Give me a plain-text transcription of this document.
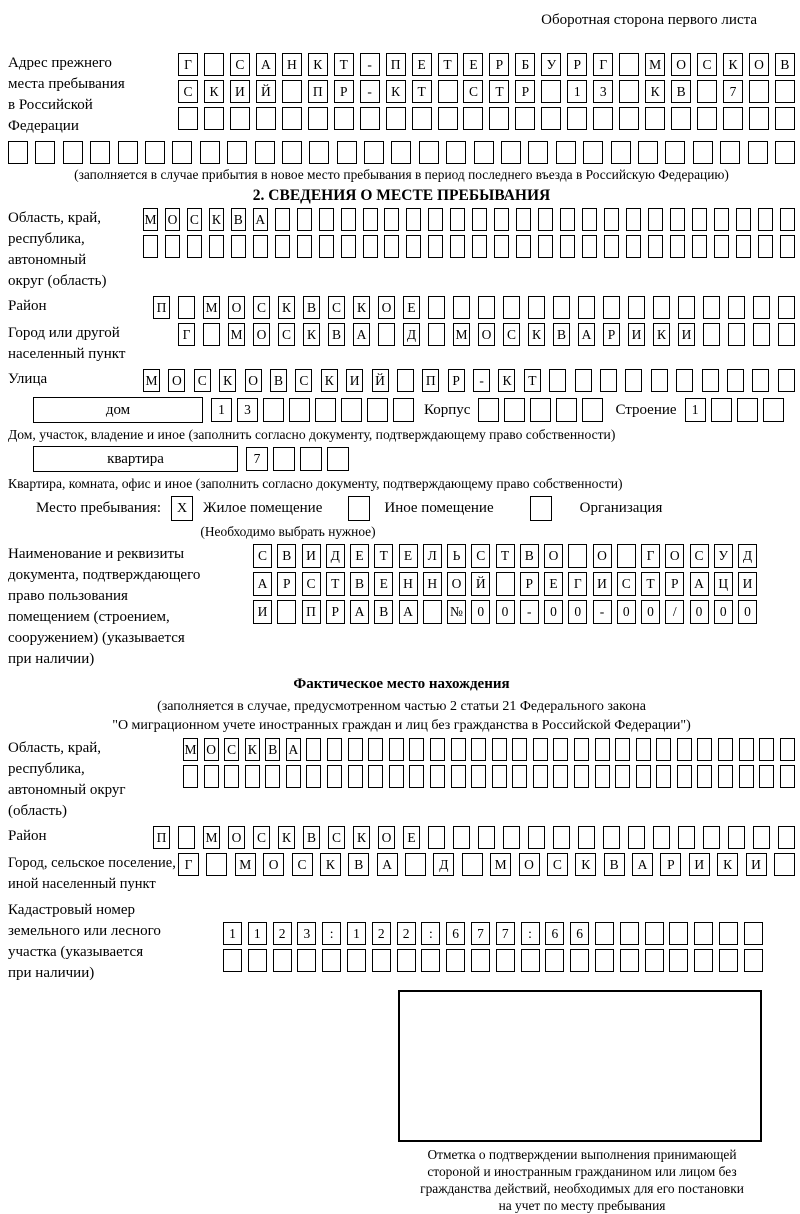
Оборотная сторона первого листа
Адрес прежнего
места пребывания
в Российской
Федерации
Г	С	А	Н	К	Т	-	П	Е	Т	Е	Р	Б	У	Р	Г	М	О	С	К	О	В
С	К	И	Й	П	Р	-	К	Т	С	Т	Р	1	3	К	В	7
(заполняется в случае прибытия в новое место пребывания в период последнего въезда в Российскую Федерацию)
2. СВЕДЕНИЯ О МЕСТЕ ПРЕБЫВАНИЯ
Область, край,
республика,
автономный
округ (область)
М О С К В А
Район	П	М О С К В С К О	Е
Город или другой
населенный пункт
Г	М О С К В А	Д	М О С К В А	Р	И К И
Улица	М О С К О В С К И Й	П	Р	-	К	Т
дом	1	3	Корпус	Строение	1
Дом, участок, владение и иное (заполнить согласно документу, подтверждающему право собственности)
квартира	7
Квартира, комната, офис и иное (заполнить согласно документу, подтверждающему право собственности)
Место пребывания:	X	Жилое помещение	Иное помещение	Организация
(Необходимо выбрать нужное)
Наименование и реквизиты
документа, подтверждающего
право пользования
помещением (строением,
сооружением) (указывается
при наличии)
С	В	И	Д	Е	Т	Е	Л	Ь	С	Т	В	О	О	Г	О	С	У	Д
А	Р	С	Т	В	Е	Н	Н	О	Й	Р	Е	Г	И	С	Т	Р	А	Ц	И
И	П	Р	А	В	А	№	0	0	-	0	0	-	0	0	/	0	0	0
Фактическое место нахождения
(заполняется в случае, предусмотренном частью 2 статьи 21 Федерального закона
"О миграционном учете иностранных граждан и лиц без гражданства в Российской Федерации")
Область, край,
республика,
автономный округ
(область)
М О С К В А
Район	П	М О С К В С К О	Е
Город, сельское поселение,
иной населенный пункт
Г	М	О	С	К	В	А	Д	М	О	С	К	В	А	Р	И	К	И
Кадастровый номер
земельного или лесного
участка (указывается
при наличии)
1	1	2	3	:	1	2	2	:	6	7	7	:	6	6
Отметка о подтверждении выполнения принимающей
стороной и иностранным гражданином или лицом без
гражданства действий, необходимых для его постановки
на учет по месту пребывания
